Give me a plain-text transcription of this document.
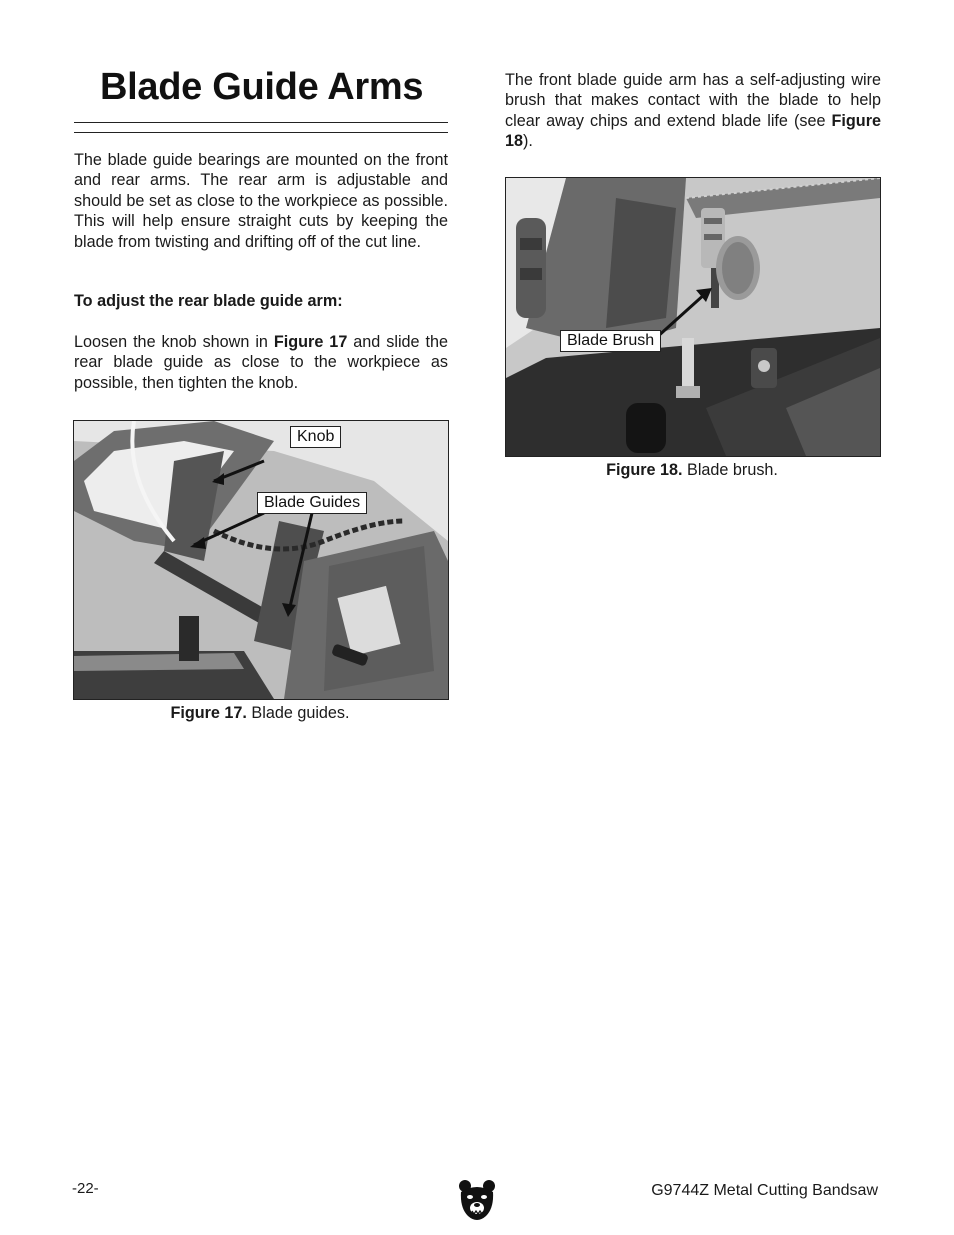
Blade Guide Arms

The blade guide bearings are mounted on the front and rear arms. The rear arm is adjustable and should be set as close to the workpiece as possible. This will help ensure straight cuts by keeping the blade from twisting and drifting off of the cut line.

To adjust the rear blade guide arm:

Loosen the knob shown in Figure 17 and slide the rear blade guide as close to the workpiece as possible, then tighten the knob.

The front blade guide arm has a self-adjusting wire brush that makes contact with the blade to help clear away chips and extend blade life (see Figure 18).

Knob
Blade Guides

Figure 17. Blade guides.

Blade Brush

Figure 18. Blade brush.

-22-	G9744Z Metal Cutting Bandsaw
